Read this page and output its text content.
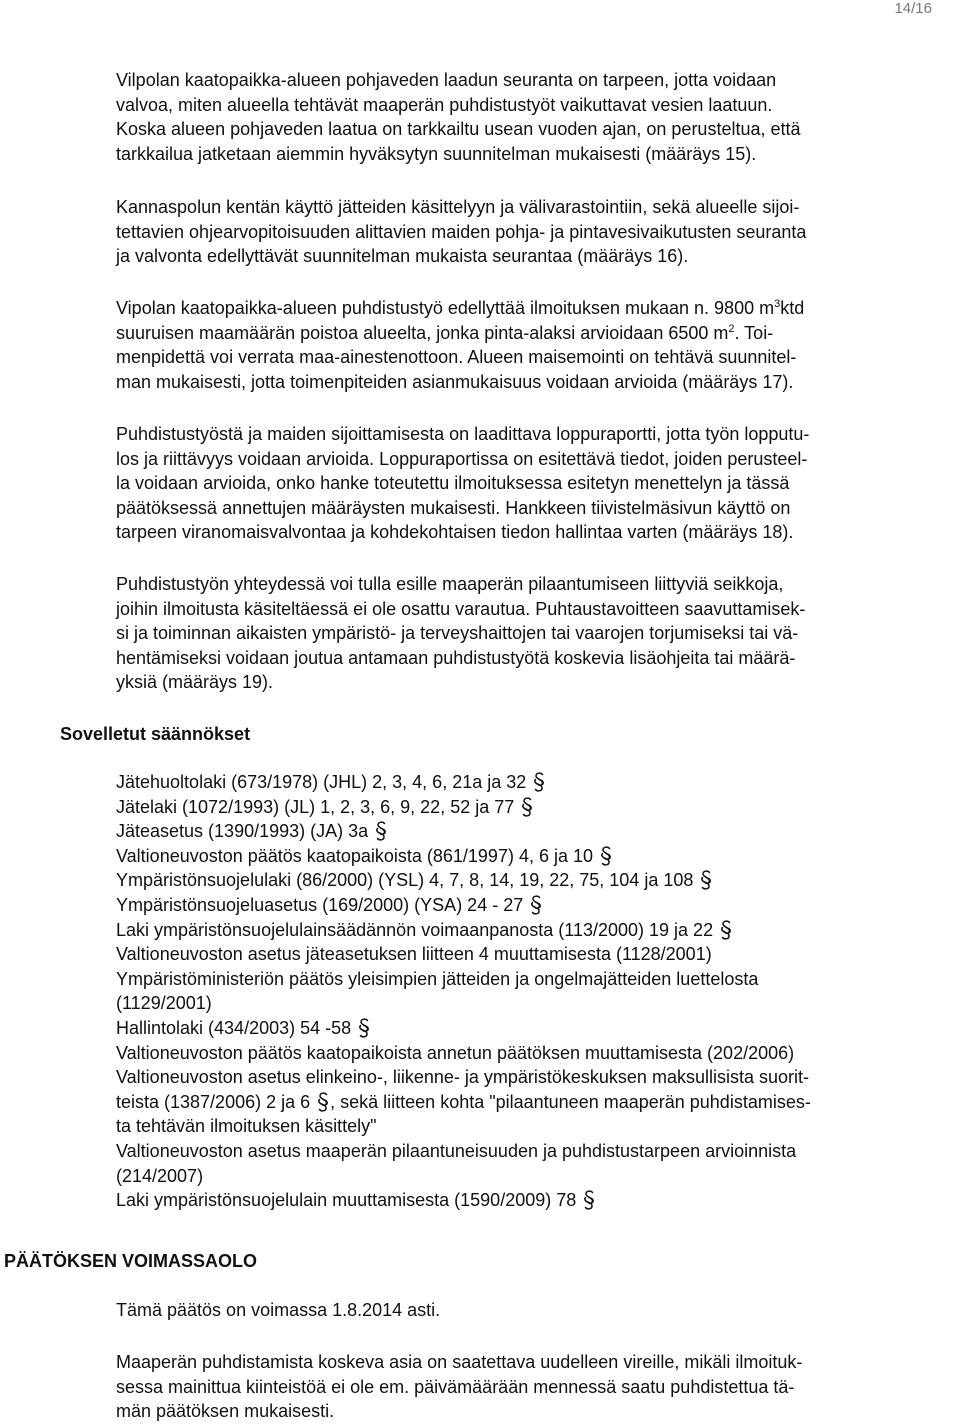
14/16
Vilpolan kaatopaikka-alueen pohjaveden laadun seuranta on tarpeen, jotta voidaan
valvoa, miten alueella tehtävät maaperän puhdistustyöt vaikuttavat vesien laatuun.
Koska alueen pohjaveden laatua on tarkkailtu usean vuoden ajan, on perusteltua, että
tarkkailua jatketaan aiemmin hyväksytyn suunnitelman mukaisesti (määräys 15).
Kannaspolun kentän käyttö jätteiden käsittelyyn ja välivarastointiin, sekä alueelle sijoi-
tettavien ohjearvopitoisuuden alittavien maiden pohja- ja pintavesivaikutusten seuranta
ja valvonta edellyttävät suunnitelman mukaista seurantaa (määräys 16).
Vipolan kaatopaikka-alueen puhdistustyö edellyttää ilmoituksen mukaan n. 9800 $m^3ktd$
suuruisen maamäärän poistoa alueelta, jonka pinta-alaksi arvioidaan 6500 $m^2$. Toi-
menpidettä voi verrata maa-ainestenottoon. Alueen maisemointi on tehtävä suunnitel-
man mukaisesti, jotta toimenpiteiden asianmukaisuus voidaan arvioida (määräys 17).
Puhdistustyöstä ja maiden sijoittamisesta on laadittava loppuraportti, jotta työn lopputu-
los ja riittävyys voidaan arvioida. Loppuraportissa on esitettävä tiedot, joiden perusteel-
la voidaan arvioida, onko hanke toteutettu ilmoituksessa esitetyn menettelyn ja tässä
päätöksessä annettujen määräysten mukaisesti. Hankkeen tiivistelmäsivun käyttö on
tarpeen viranomaisvalvontaa ja kohdekohtaisen tiedon hallintaa varten (määräys 18).
Puhdistustyön yhteydessä voi tulla esille maaperän pilaantumiseen liittyviä seikkoja,
joihin ilmoitusta käsiteltäessä ei ole osattu varautua. Puhtaustavoitteen saavuttamisek-
si ja toiminnan aikaisten ympäristö- ja terveyshaittojen tai vaarojen torjumiseksi tai vä-
hentämiseksi voidaan joutua antamaan puhdistustyötä koskevia lisäohjeita tai määrä-
yksiä (määräys 19).
Sovelletut säännökset
Jätehuoltolaki (673/1978) (JHL) 2, 3, 4, 6, 21a ja 32
Jätelaki (1072/1993) (JL) 1, 2, 3, 6, 9, 22, 52 ja 77
Jäteasetus (1390/1993) (JA) 3a
Valtioneuvoston päätös kaatopaikoista (861/1997) 4, 6 ja 10
Ympäristönsuojelulaki (86/2000) (YSL) 4, 7, 8, 14, 19, 22, 75, 104 ja 108
Ympäristönsuojeluasetus (169/2000) (YSA) 24 - 27
Laki ympäristönsuojelulainsäädännön voimaanpanosta (113/2000) 19 ja 22
Valtioneuvoston asetus jäteasetuksen liitteen 4 muuttamisesta (1128/2001)
Ympäristöministeriön päätös yleisimpien jätteiden ja ongelmajätteiden luettelosta
(1129/2001)
Hallintolaki (434/2003) 54 -58
Valtioneuvoston päätös kaatopaikoista annetun päätöksen muuttamisesta (202/2006)
Valtioneuvoston asetus elinkeino-, liikenne- ja ympäristökeskuksen maksullisista suorit-
teista (1387/2006) 2 ja 6 , sekä liitteen kohta "pilaantuneen maaperän puhdistamises-
ta tehtävän ilmoituksen käsittely"
Valtioneuvoston asetus maaperän pilaantuneisuuden ja puhdistustarpeen arvioinnista
(214/2007)
Laki ympäristönsuojelulain muuttamisesta (1590/2009) 78
PÄÄTÖKSEN VOIMASSAOLO
Tämä päätös on voimassa 1.8.2014 asti.
Maaperän puhdistamista koskeva asia on saatettava uudelleen vireille, mikäli ilmoituk-
sessa mainittua kiinteistöä ei ole em. päivämäärään mennessä saatu puhdistettua tä-
män päätöksen mukaisesti.
